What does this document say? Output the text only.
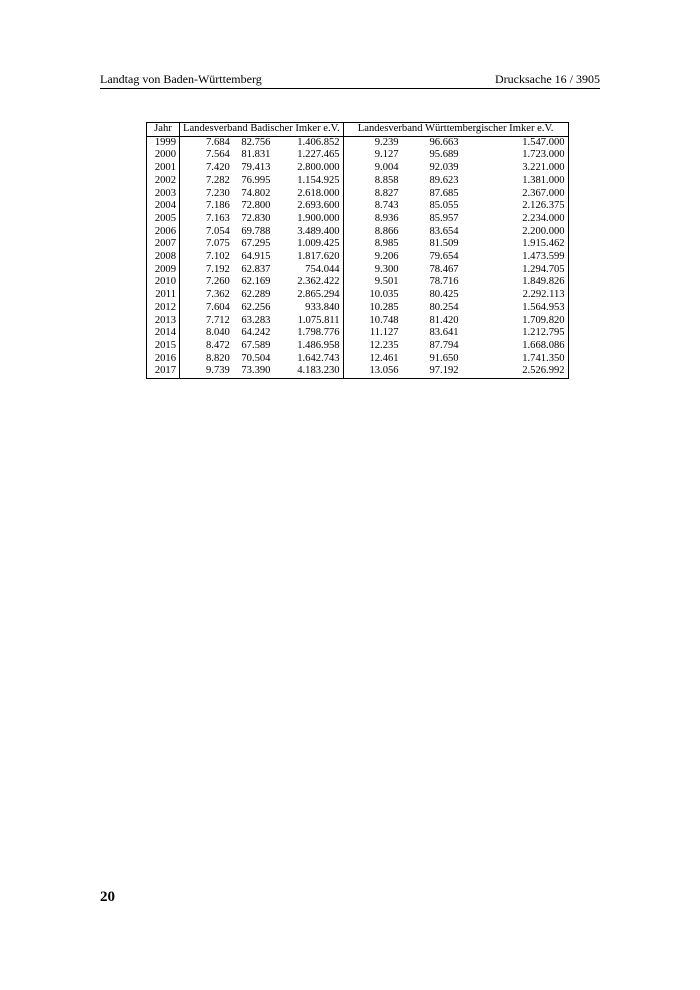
Landtag von Baden-Württemberg	Drucksache 16 / 3905
Jahr	Landesverband Badischer Imker e.V.			Landesverband Württembergischer Imker e.V.		
1999	7.684	82.756	1.406.852	9.239	96.663	1.547.000
2000	7.564	81.831	1.227.465	9.127	95.689	1.723.000
2001	7.420	79.413	2.800.000	9.004	92.039	3.221.000
2002	7.282	76.995	1.154.925	8.858	89.623	1.381.000
2003	7.230	74.802	2.618.000	8.827	87.685	2.367.000
2004	7.186	72.800	2.693.600	8.743	85.055	2.126.375
2005	7.163	72.830	1.900.000	8.936	85.957	2.234.000
2006	7.054	69.788	3.489.400	8.866	83.654	2.200.000
2007	7.075	67.295	1.009.425	8.985	81.509	1.915.462
2008	7.102	64.915	1.817.620	9.206	79.654	1.473.599
2009	7.192	62.837	754.044	9.300	78.467	1.294.705
2010	7.260	62.169	2.362.422	9.501	78.716	1.849.826
2011	7.362	62.289	2.865.294	10.035	80.425	2.292.113
2012	7.604	62.256	933.840	10.285	80.254	1.564.953
2013	7.712	63.283	1.075.811	10.748	81.420	1.709.820
2014	8.040	64.242	1.798.776	11.127	83.641	1.212.795
2015	8.472	67.589	1.486.958	12.235	87.794	1.668.086
2016	8.820	70.504	1.642.743	12.461	91.650	1.741.350
2017	9.739	73.390	4.183.230	13.056	97.192	2.526.992
20
